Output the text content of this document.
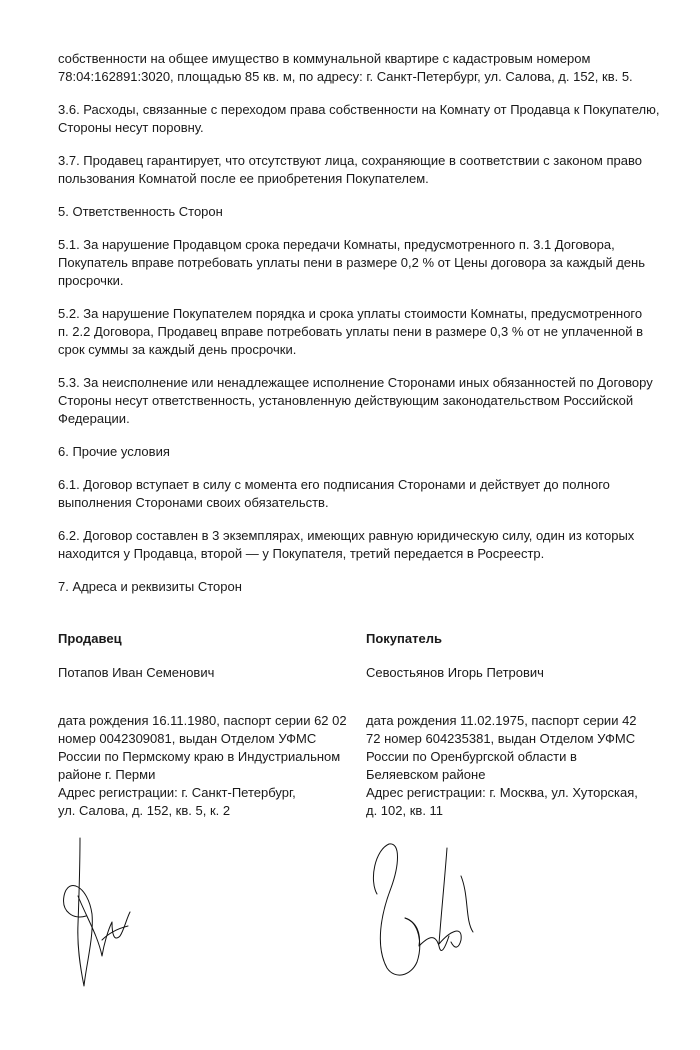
собственности на общее имущество в коммунальной квартире с кадастровым номером
78:04:162891:3020, площадью 85 кв. м, по адресу: г. Санкт-Петербург, ул. Салова, д. 152, кв. 5.

3.6. Расходы, связанные с переходом права собственности на Комнату от Продавца к Покупателю,
Стороны несут поровну.

3.7. Продавец гарантирует, что отсутствуют лица, сохраняющие в соответствии с законом право
пользования Комнатой после ее приобретения Покупателем.

5. Ответственность Сторон

5.1. За нарушение Продавцом срока передачи Комнаты, предусмотренного п. 3.1 Договора,
Покупатель вправе потребовать уплаты пени в размере 0,2 % от Цены договора за каждый день
просрочки.

5.2. За нарушение Покупателем порядка и срока уплаты стоимости Комнаты, предусмотренного
п. 2.2 Договора, Продавец вправе потребовать уплаты пени в размере 0,3 % от не уплаченной в
срок суммы за каждый день просрочки.

5.3. За неисполнение или ненадлежащее исполнение Сторонами иных обязанностей по Договору
Стороны несут ответственность, установленную действующим законодательством Российской
Федерации.

6. Прочие условия

6.1. Договор вступает в силу с момента его подписания Сторонами и действует до полного
выполнения Сторонами своих обязательств.

6.2. Договор составлен в 3 экземплярах, имеющих равную юридическую силу, один из которых
находится у Продавца, второй — у Покупателя, третий передается в Росреестр.

7. Адреса и реквизиты Сторон

Продавец

Потапов Иван Семенович

дата рождения 16.11.1980, паспорт серии 62 02
номер 0042309081, выдан Отделом УФМС
России по Пермскому краю в Индустриальном
районе г. Перми
Адрес регистрации: г. Санкт-Петербург,
ул. Салова, д. 152, кв. 5, к. 2

Покупатель

Севостьянов Игорь Петрович

дата рождения 11.02.1975, паспорт серии 42
72 номер 604235381, выдан Отделом УФМС
России по Оренбургской области в
Беляевском районе
Адрес регистрации: г. Москва, ул. Хуторская,
д. 102, кв. 11
